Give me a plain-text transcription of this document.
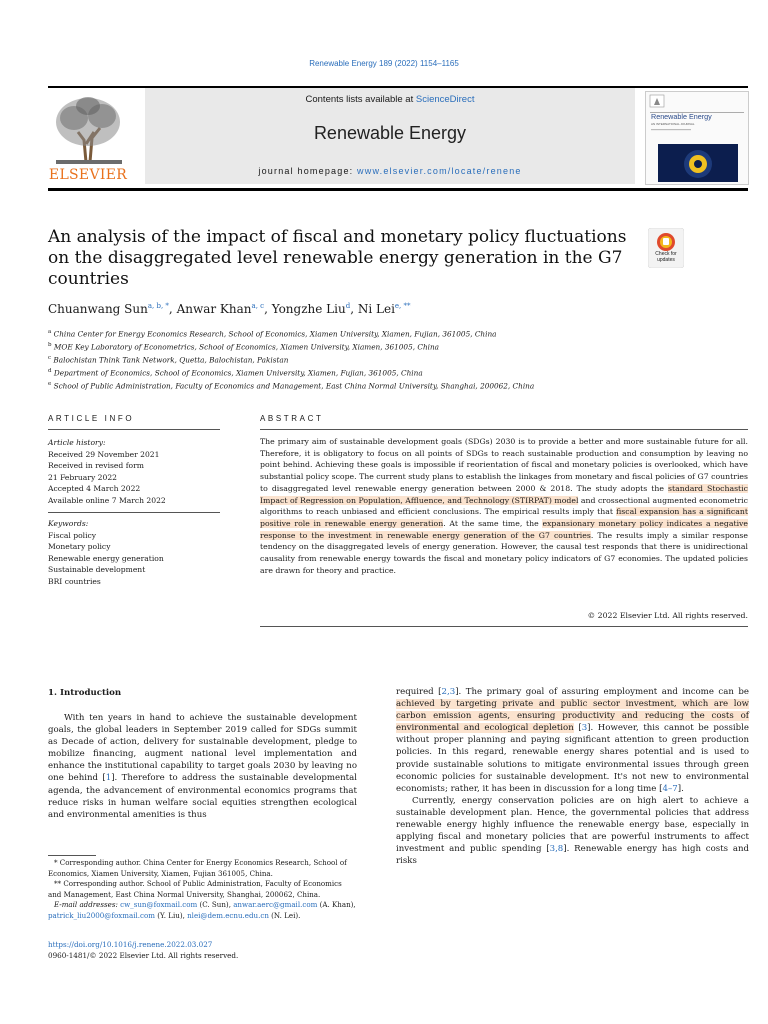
Renewable Energy 189 (2022) 1154–1165
ELSEVIER
Contents lists available at ScienceDirect
Renewable Energy
journal homepage: www.elsevier.com/locate/renene
Renewable Energy
AN INTERNATIONAL JOURNAL
An analysis of the impact of fiscal and monetary policy fluctuations on the disaggregated level renewable energy generation in the G7 countries
Check for updates
Chuanwang Sun$^{a, b, *}$, Anwar Khan$^{a, c}$, Yongzhe Liu$^d$, Ni Lei$^{e, **}$
$^a$ China Center for Energy Economics Research, School of Economics, Xiamen University, Xiamen, Fujian, 361005, China
$^b$ MOE Key Laboratory of Econometrics, School of Economics, Xiamen University, Xiamen, 361005, China
$^c$ Balochistan Think Tank Network, Quetta, Balochistan, Pakistan
$^d$ Department of Economics, School of Economics, Xiamen University, Xiamen, Fujian, 361005, China
$^e$ School of Public Administration, Faculty of Economics and Management, East China Normal University, Shanghai, 200062, China
ARTICLE INFO	ABSTRACT
Article history:
Received 29 November 2021
Received in revised form
21 February 2022
Accepted 4 March 2022
Available online 7 March 2022
Keywords:
Fiscal policy
Monetary policy
Renewable energy generation
Sustainable development
BRI countries
The primary aim of sustainable development goals (SDGs) 2030 is to provide a better and more sustainable future for all. Therefore, it is obligatory to focus on all points of SDGs to reach sustainable production and consumption by leaving no point behind. Achieving these goals is impossible if reorientation of fiscal and monetary policies is overlooked, which have substantial policy scope. The current study plans to establish the linkages from monetary and fiscal policies of G7 countries to disaggregated level renewable energy generation between 2000 & 2018. The study adopts the standard Stochastic Impact of Regression on Population, Affluence, and Technology (STIRPAT) model and crossectional augmented econometric algorithms to reach unbiased and efficient conclusions. The empirical results imply that fiscal expansion has a significant positive role in renewable energy generation. At the same time, the expansionary monetary policy indicates a negative response to the investment in renewable energy generation of the G7 countries. The results imply a similar response tendency on the disaggregated levels of energy generation. However, the causal test responds that there is unidirectional causality from renewable energy towards the fiscal and monetary policy indicators of G7 economies. The updated policies are drawn for theory and practice.
© 2022 Elsevier Ltd. All rights reserved.
1. Introduction

With ten years in hand to achieve the sustainable development goals, the global leaders in September 2019 called for SDGs summit as Decade of action, delivery for sustainable development, pledge to mobilize financing, augment national level implementation and enhance the institutional capability to target goals 2030 by leaving no one behind [1]. Therefore to address the sustainable developmental agenda, the advancement of environmental economics programs that reduce risks in human welfare social equities strengthen ecological and environmental amenities is thus

required [2,3]. The primary goal of assuring employment and income can be achieved by targeting private and public sector investment, which are low carbon emission agents, ensuring productivity and reducing the costs of environmental and ecological depletion [3]. However, this cannot be possible without proper planning and paying significant attention to green production policies. In this regard, renewable energy shares potential and is used to provide sustainable solutions to mitigate environmental issues through green economic policies for sustainable development. It's not new to environmental economists; rather, it has been in discussion for a long time [4–7].

Currently, energy conservation policies are on high alert to achieve a sustainable development plan. Hence, the governmental policies that address renewable energy highly influence the renewable energy base, especially in applying fiscal and monetary policies that are powerful instruments to affect investment and public spending [3,8]. Renewable energy has high costs and risks

* Corresponding author. China Center for Energy Economics Research, School of Economics, Xiamen University, Xiamen, Fujian 361005, China.
** Corresponding author. School of Public Administration, Faculty of Economics and Management, East China Normal University, Shanghai, 200062, China.
E-mail addresses: cw_sun@foxmail.com (C. Sun), anwar.aerc@gmail.com (A. Khan), patrick_liu2000@foxmail.com (Y. Liu), nlei@dem.ecnu.edu.cn (N. Lei).
https://doi.org/10.1016/j.renene.2022.03.027
0960-1481/© 2022 Elsevier Ltd. All rights reserved.
